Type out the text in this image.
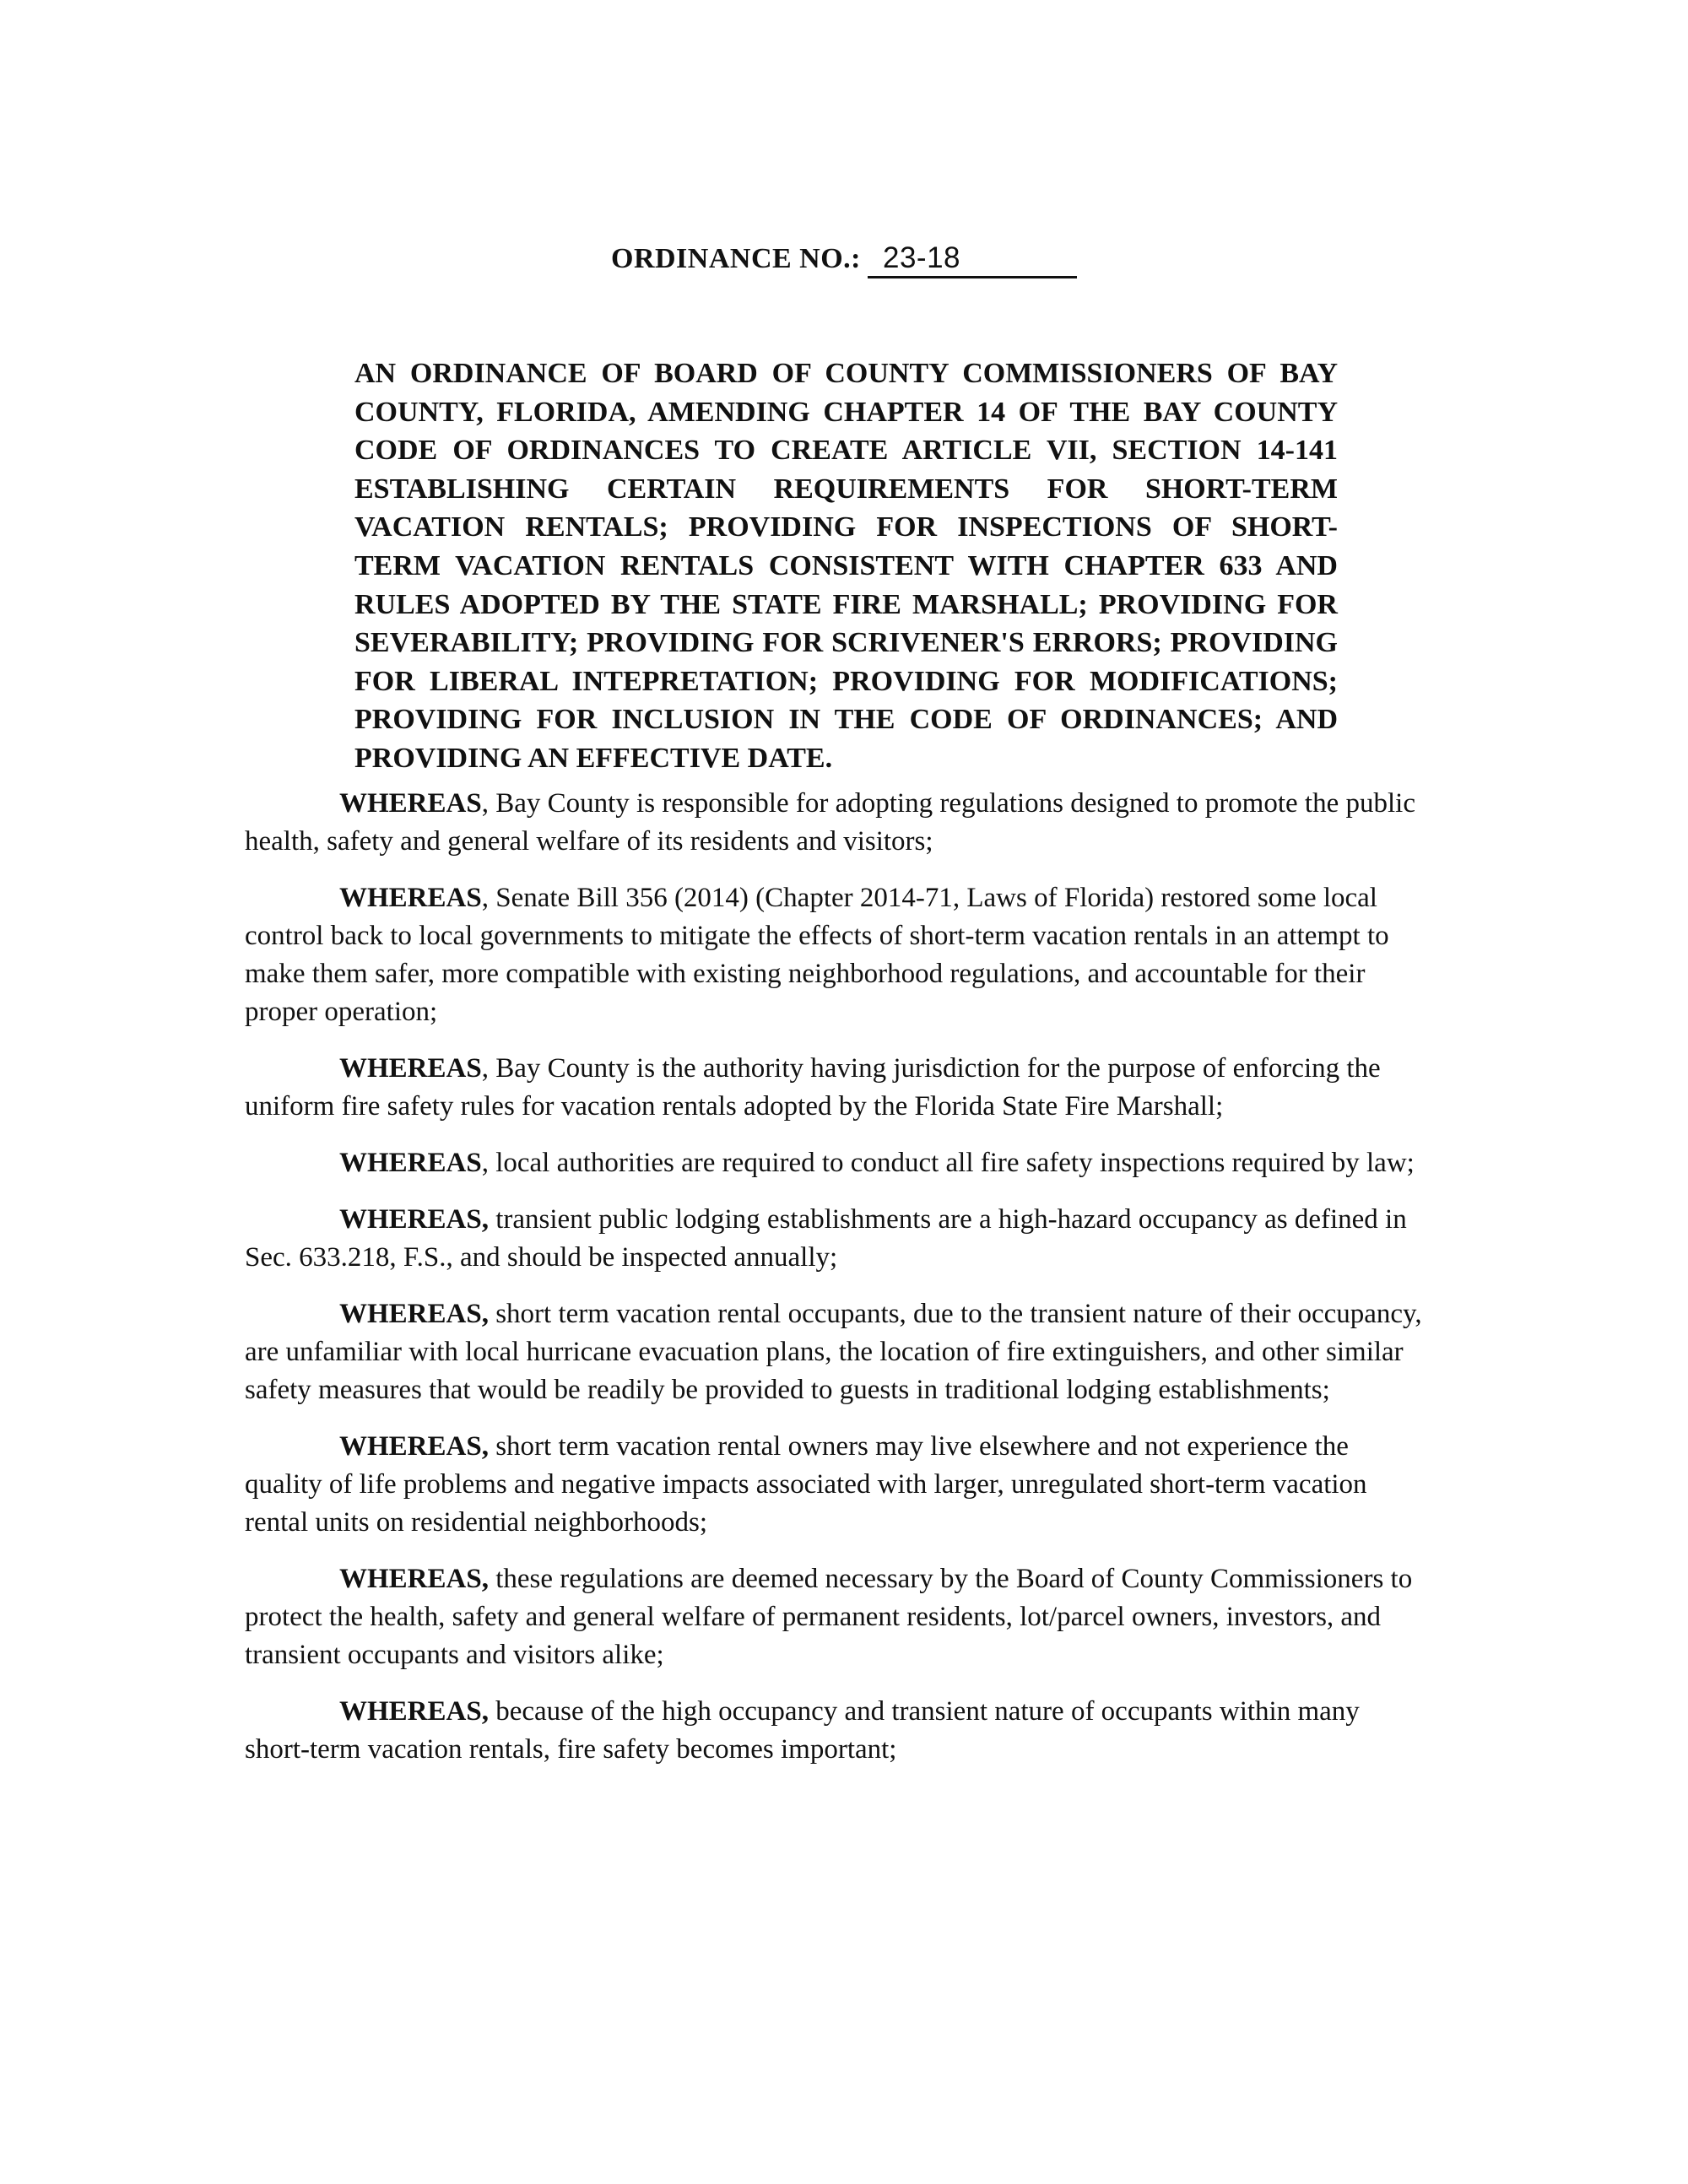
ORDINANCE NO.: 23-18
AN ORDINANCE OF BOARD OF COUNTY COMMISSIONERS OF BAY COUNTY, FLORIDA, AMENDING CHAPTER 14 OF THE BAY COUNTY CODE OF ORDINANCES TO CREATE ARTICLE VII, SECTION 14-141 ESTABLISHING CERTAIN REQUIREMENTS FOR SHORT-TERM VACATION RENTALS; PROVIDING FOR INSPECTIONS OF SHORT-TERM VACATION RENTALS CONSISTENT WITH CHAPTER 633 AND RULES ADOPTED BY THE STATE FIRE MARSHALL; PROVIDING FOR SEVERABILITY; PROVIDING FOR SCRIVENER'S ERRORS; PROVIDING FOR LIBERAL INTEPRETATION; PROVIDING FOR MODIFICATIONS; PROVIDING FOR INCLUSION IN THE CODE OF ORDINANCES; AND PROVIDING AN EFFECTIVE DATE.

WHEREAS, Bay County is responsible for adopting regulations designed to promote the public health, safety and general welfare of its residents and visitors;

WHEREAS, Senate Bill 356 (2014) (Chapter 2014-71, Laws of Florida) restored some local control back to local governments to mitigate the effects of short-term vacation rentals in an attempt to make them safer, more compatible with existing neighborhood regulations, and accountable for their proper operation;

WHEREAS, Bay County is the authority having jurisdiction for the purpose of enforcing the uniform fire safety rules for vacation rentals adopted by the Florida State Fire Marshall;

WHEREAS, local authorities are required to conduct all fire safety inspections required by law;

WHEREAS, transient public lodging establishments are a high-hazard occupancy as defined in Sec. 633.218, F.S., and should be inspected annually;

WHEREAS, short term vacation rental occupants, due to the transient nature of their occupancy, are unfamiliar with local hurricane evacuation plans, the location of fire extinguishers, and other similar safety measures that would be readily be provided to guests in traditional lodging establishments;

WHEREAS, short term vacation rental owners may live elsewhere and not experience the quality of life problems and negative impacts associated with larger, unregulated short-term vacation rental units on residential neighborhoods;

WHEREAS, these regulations are deemed necessary by the Board of County Commissioners to protect the health, safety and general welfare of permanent residents, lot/parcel owners, investors, and transient occupants and visitors alike;

WHEREAS, because of the high occupancy and transient nature of occupants within many short-term vacation rentals, fire safety becomes important;
